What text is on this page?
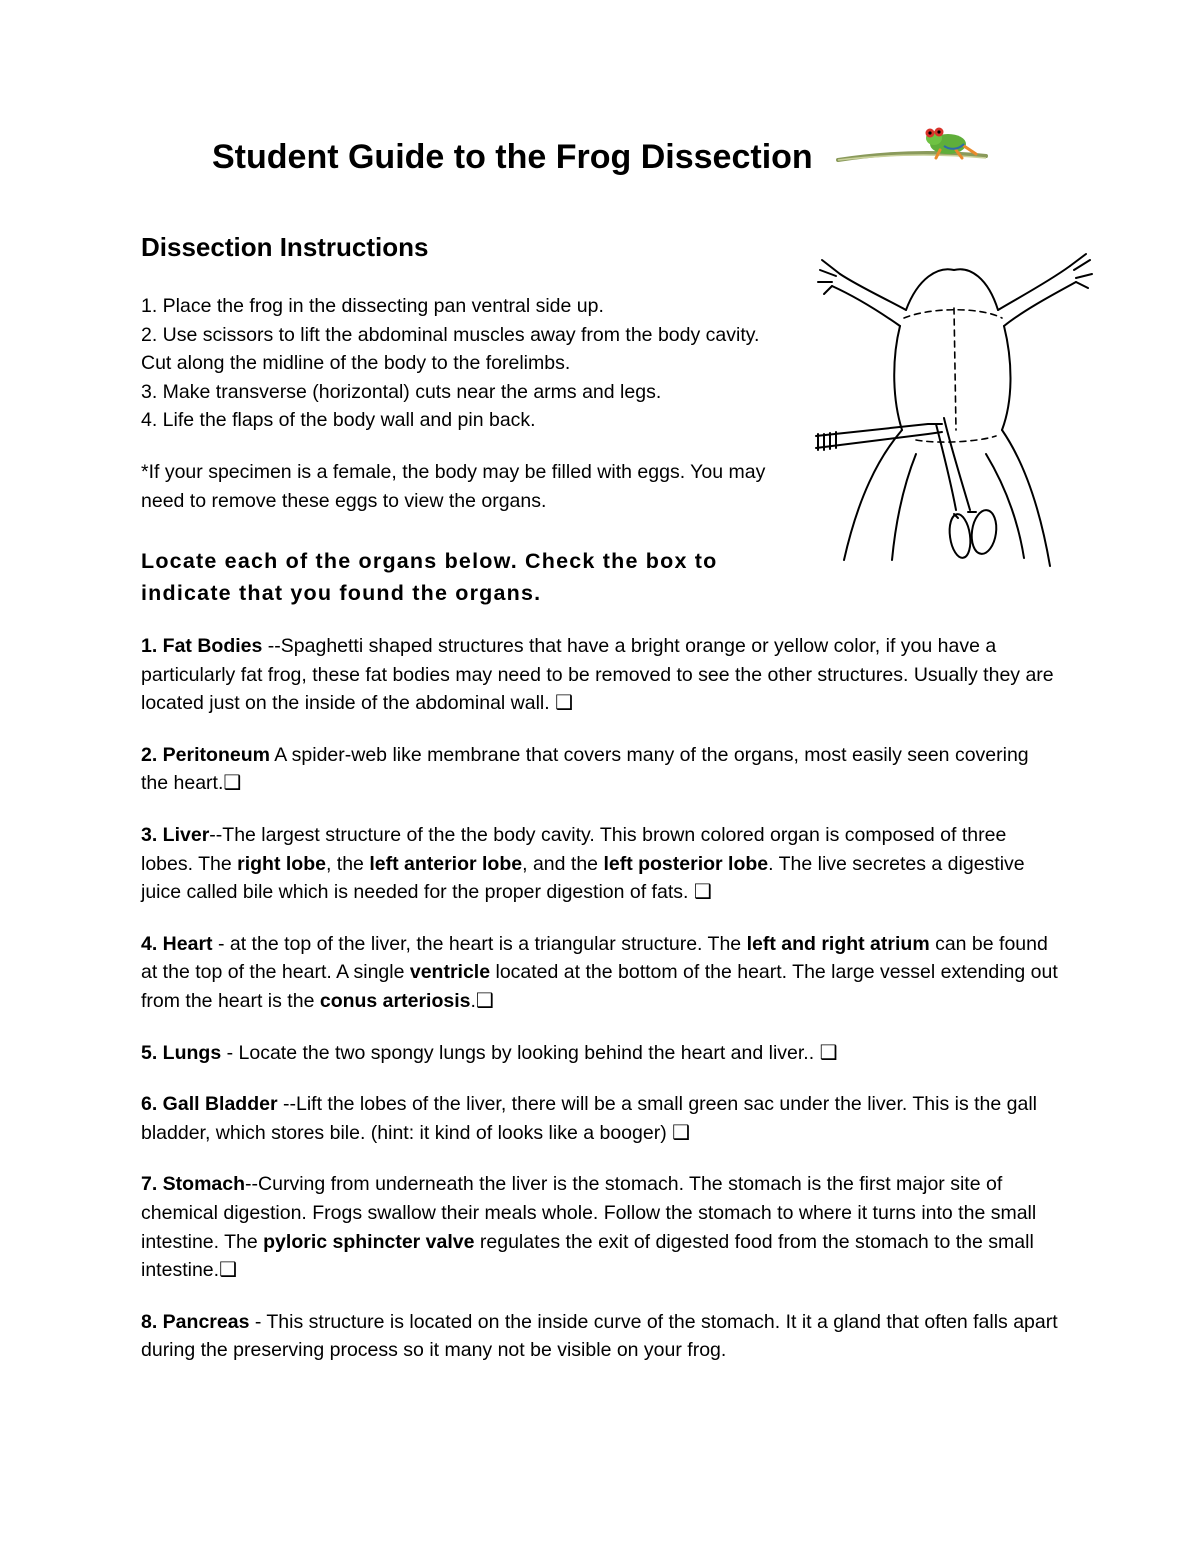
Student Guide to the Frog Dissection
Dissection Instructions
1. Place the frog in the dissecting pan ventral side up.
2. Use scissors to lift the abdominal muscles away from the body cavity. Cut along the midline of the body to the forelimbs.
3. Make transverse (horizontal) cuts near the arms and legs.
4. Life the flaps of the body wall and pin back.
*If your specimen is a female, the body may be filled with eggs. You may need to remove these eggs to view the organs.
Locate each of the organs below. Check the box to indicate that you found the organs.

1. Fat Bodies --Spaghetti shaped structures that have a bright orange or yellow color, if you have a particularly fat frog, these fat bodies may need to be removed to see the other structures. Usually they are located just on the inside of the abdominal wall. ❑

2. Peritoneum A spider-web like membrane that covers many of the organs, most easily seen covering the heart.❑

3. Liver--The largest structure of the the body cavity. This brown colored organ is composed of three lobes. The right lobe, the left anterior lobe, and the left posterior lobe. The live secretes a digestive juice called bile which is needed for the proper digestion of fats. ❑

4. Heart - at the top of the liver, the heart is a triangular structure. The left and right atrium can be found at the top of the heart. A single ventricle located at the bottom of the heart. The large vessel extending out from the heart is the conus arteriosis.❑

5. Lungs - Locate the two spongy lungs by looking behind the heart and liver.. ❑

6. Gall Bladder --Lift the lobes of the liver, there will be a small green sac under the liver. This is the gall bladder, which stores bile. (hint: it kind of looks like a booger) ❑

7. Stomach--Curving from underneath the liver is the stomach. The stomach is the first major site of chemical digestion. Frogs swallow their meals whole. Follow the stomach to where it turns into the small intestine. The pyloric sphincter valve regulates the exit of digested food from the stomach to the small intestine.❑

8. Pancreas - This structure is located on the inside curve of the stomach. It it a gland that often falls apart during the preserving process so it many not be visible on your frog.
